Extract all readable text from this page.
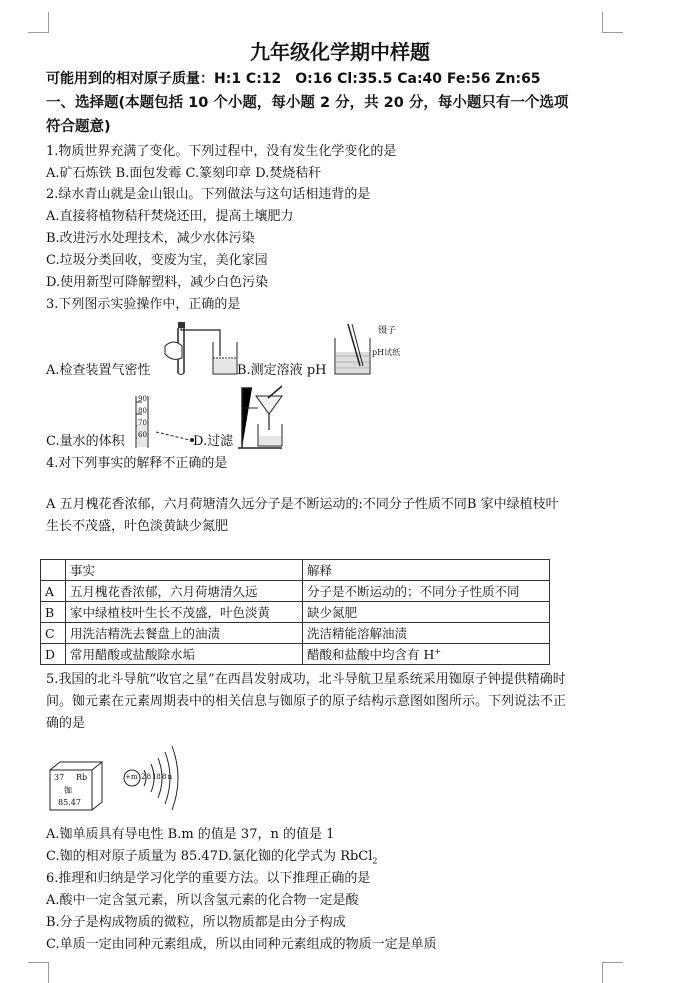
九年级化学期中样题
可能用到的相对原子质量：H:1 C:12　O:16 Cl:35.5 Ca:40 Fe:56 Zn:65
一、选择题(本题包括 10 个小题，每小题 2 分，共 20 分，每小题只有一个选项
符合题意)
1.物质世界充满了变化。下列过程中，没有发生化学变化的是
A.矿石炼铁 B.面包发霉 C.篆刻印章 D.焚烧秸秆
2.绿水青山就是金山银山。下列做法与这句话相违背的是
A.直接将植物秸秆焚烧还田，提高土壤肥力
B.改进污水处理技术，减少水体污染
C.垃圾分类回收，变废为宝，美化家园
D.使用新型可降解塑料，减少白色污染
3.下列图示实验操作中，正确的是
A.检查装置气密性	B.测定溶液 pH
镊子
pH试纸
90
80
70
60
C.量水的体积	D.过滤
4.对下列事实的解释不正确的是
A 五月槐花香浓郁，六月荷塘清久远分子是不断运动的:不同分子性质不同B 家中绿植枝叶
生长不茂盛，叶色淡黄缺少氮肥
	事实	解释
A	五月槐花香浓郁，六月荷塘清久远	分子是不断运动的；不同分子性质不同
B	家中绿植枝叶生长不茂盛，叶色淡黄	缺少氮肥
C	用洗洁精洗去餐盘上的油渍	洗洁精能溶解油渍
D	常用醋酸或盐酸除水垢	醋酸和盐酸中均含有 H+
5.我国的北斗导航“收官之星”在西昌发射成功，北斗导航卫星系统采用铷原子钟提供精确时
间。铷元素在元素周期表中的相关信息与铷原子的原子结构示意图如图所示。下列说法不正
确的是
37 Rb
铷
85.47
+m 2 8 18 8 n
A.铷单质具有导电性 B.m 的值是 37，n 的值是 1
C.铷的相对原子质量为 85.47D.氯化铷的化学式为 RbCl$_2$
6.推理和归纳是学习化学的重要方法。以下推理正确的是
A.酸中一定含氢元素，所以含氢元素的化合物一定是酸
B.分子是构成物质的微粒，所以物质都是由分子构成
C.单质一定由同种元素组成，所以由同种元素组成的物质一定是单质
